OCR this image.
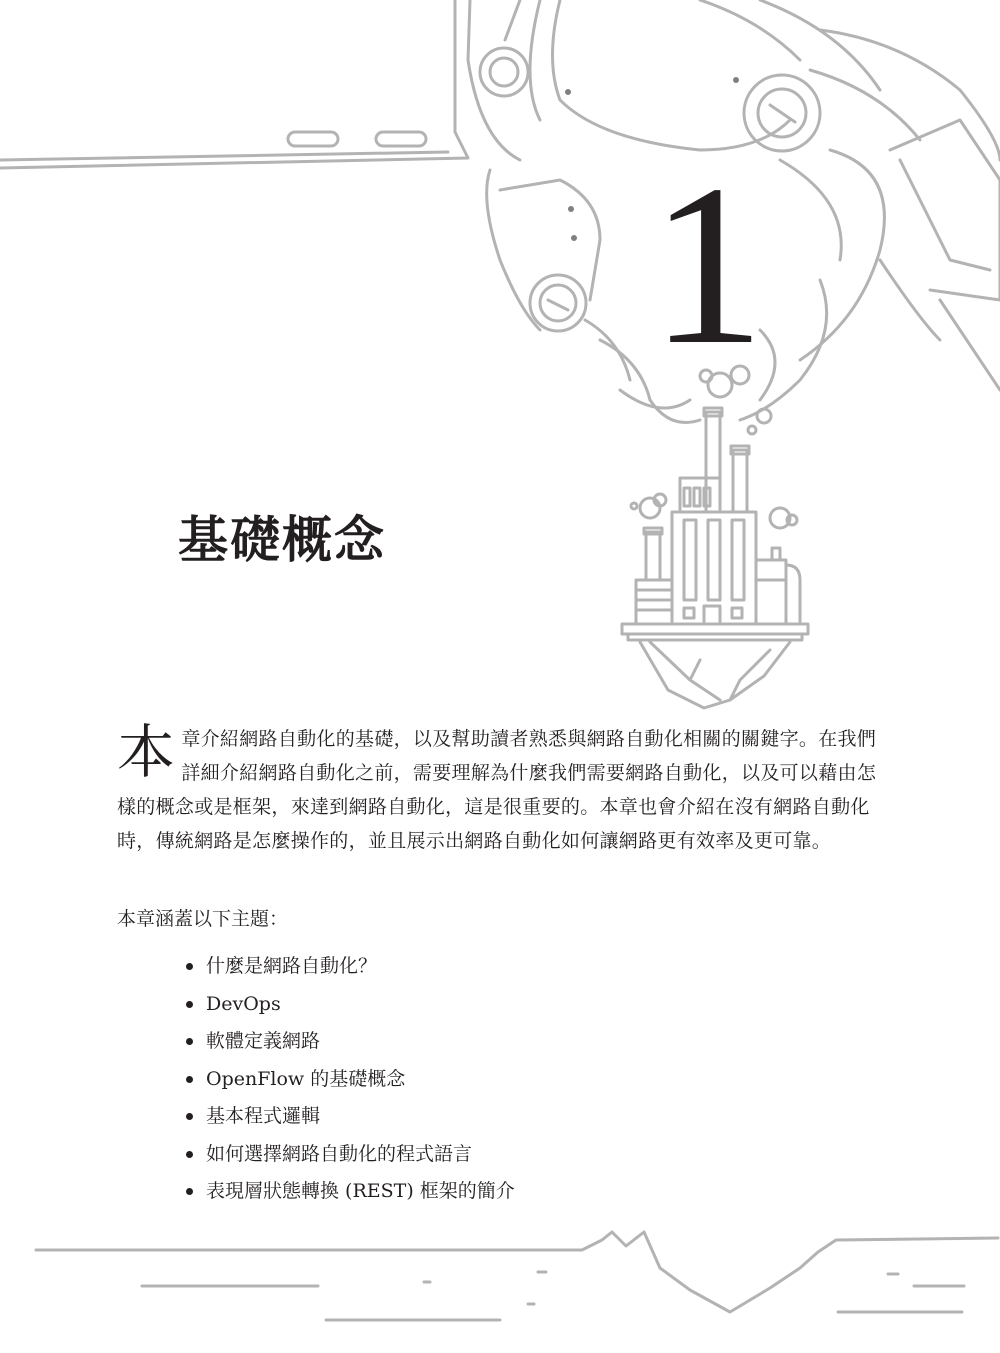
1
基礎概念

本章介紹網路自動化的基礎，以及幫助讀者熟悉與網路自動化相關的關鍵字。在我們詳細介紹網路自動化之前，需要理解為什麼我們需要網路自動化，以及可以藉由怎樣的概念或是框架，來達到網路自動化，這是很重要的。本章也會介紹在沒有網路自動化時，傳統網路是怎麼操作的，並且展示出網路自動化如何讓網路更有效率及更可靠。

本章涵蓋以下主題：

什麼是網路自動化？
DevOps
軟體定義網路
OpenFlow 的基礎概念
基本程式邏輯
如何選擇網路自動化的程式語言
表現層狀態轉換 (REST) 框架的簡介
